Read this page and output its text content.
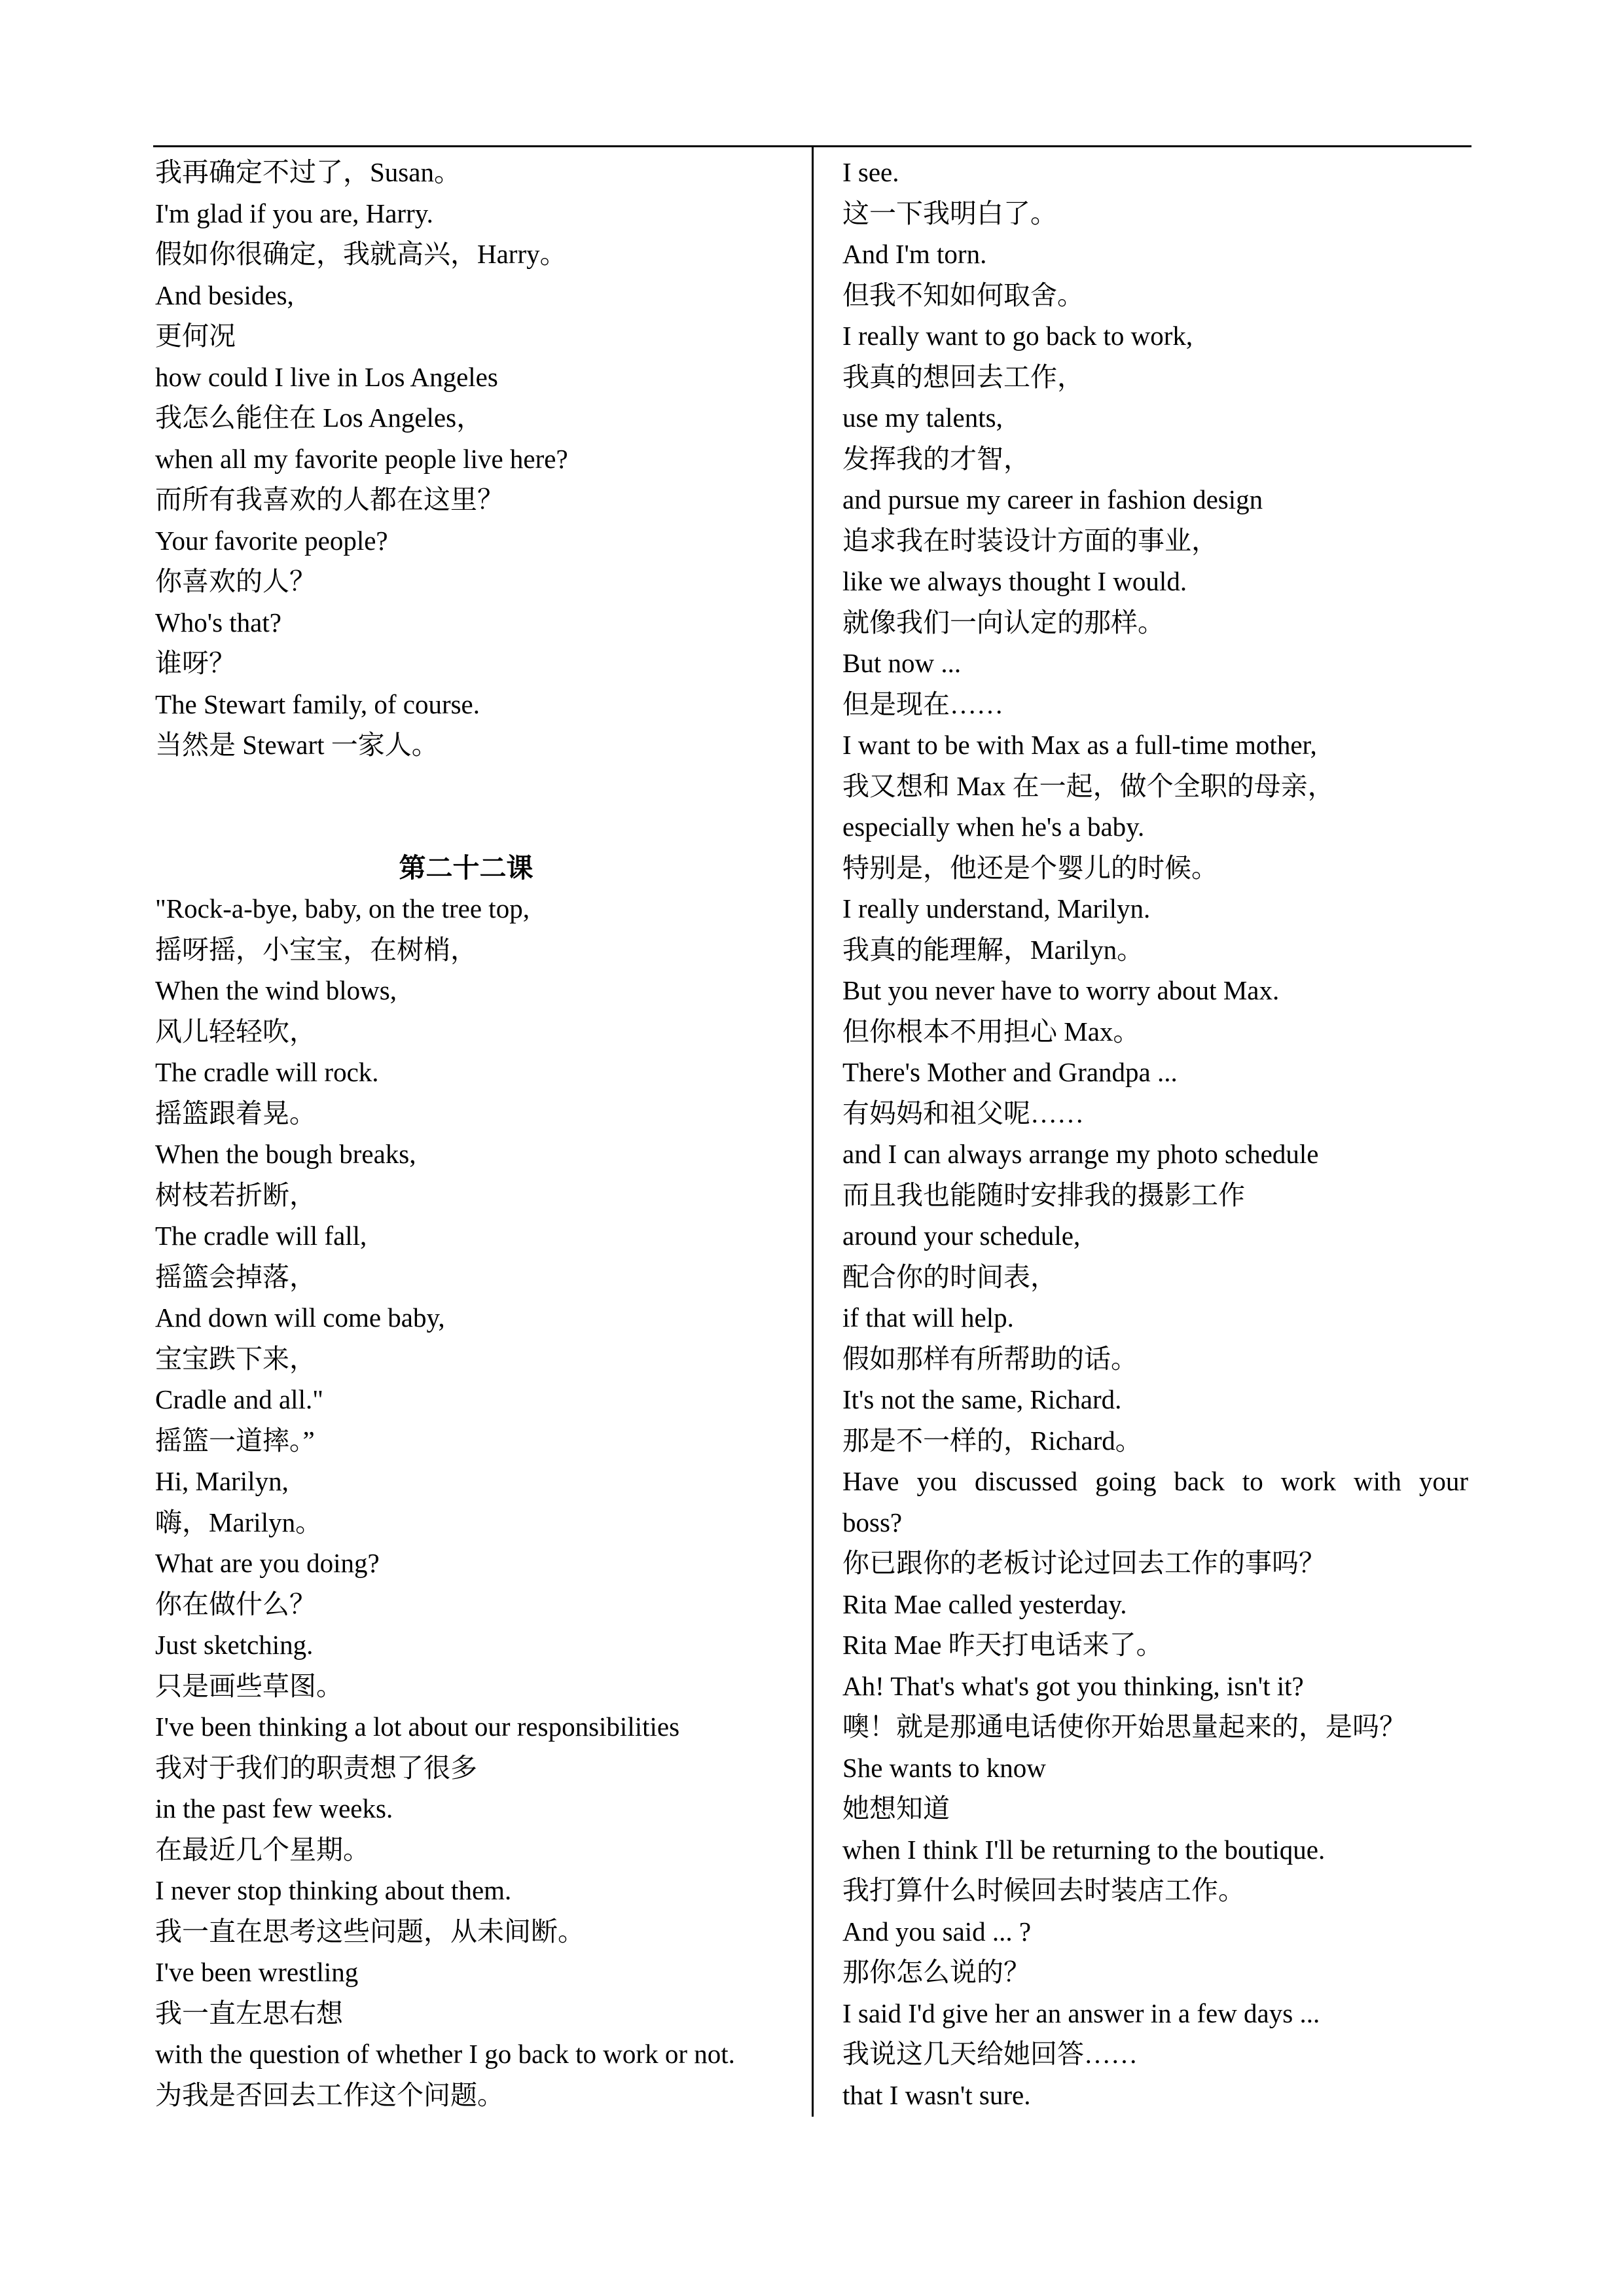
我再确定不过了，Susan。
I'm glad if you are, Harry.
假如你很确定，我就高兴，Harry。
And besides,
更何况
how could I live in Los Angeles
我怎么能住在 Los Angeles，
when all my favorite people live here?
而所有我喜欢的人都在这里？
Your favorite people?
你喜欢的人？
Who's that?
谁呀？
The Stewart family, of course.
当然是 Stewart 一家人。
第二十二课
"Rock-a-bye, baby, on the tree top,
摇呀摇，小宝宝，在树梢，
When the wind blows,
风儿轻轻吹，
The cradle will rock.
摇篮跟着晃。
When the bough breaks,
树枝若折断，
The cradle will fall,
摇篮会掉落，
And down will come baby,
宝宝跌下来，
Cradle and all."
摇篮一道摔。”
Hi, Marilyn,
嗨，Marilyn。
What are you doing?
你在做什么？
Just sketching.
只是画些草图。
I've been thinking a lot about our responsibilities
我对于我们的职责想了很多
in the past few weeks.
在最近几个星期。
I never stop thinking about them.
我一直在思考这些问题，从未间断。
I've been wrestling
我一直左思右想
with the question of whether I go back to work or not.
为我是否回去工作这个问题。
I see.
这一下我明白了。
And I'm torn.
但我不知如何取舍。
I really want to go back to work,
我真的想回去工作，
use my talents,
发挥我的才智，
and pursue my career in fashion design
追求我在时装设计方面的事业，
like we always thought I would.
就像我们一向认定的那样。
But now ...
但是现在……
I want to be with Max as a full-time mother,
我又想和 Max 在一起，做个全职的母亲，
especially when he's a baby.
特别是，他还是个婴儿的时候。
I really understand, Marilyn.
我真的能理解，Marilyn。
But you never have to worry about Max.
但你根本不用担心 Max。
There's Mother and Grandpa ...
有妈妈和祖父呢……
and I can always arrange my photo schedule
而且我也能随时安排我的摄影工作
around your schedule,
配合你的时间表，
if that will help.
假如那样有所帮助的话。
It's not the same, Richard.
那是不一样的，Richard。
Have you discussed going back to work with your
boss?
你已跟你的老板讨论过回去工作的事吗？
Rita Mae called yesterday.
Rita Mae 昨天打电话来了。
Ah! That's what's got you thinking, isn't it?
噢！就是那通电话使你开始思量起来的，是吗？
She wants to know
她想知道
when I think I'll be returning to the boutique.
我打算什么时候回去时装店工作。
And you said ... ?
那你怎么说的？
I said I'd give her an answer in a few days ...
我说这几天给她回答……
that I wasn't sure.
